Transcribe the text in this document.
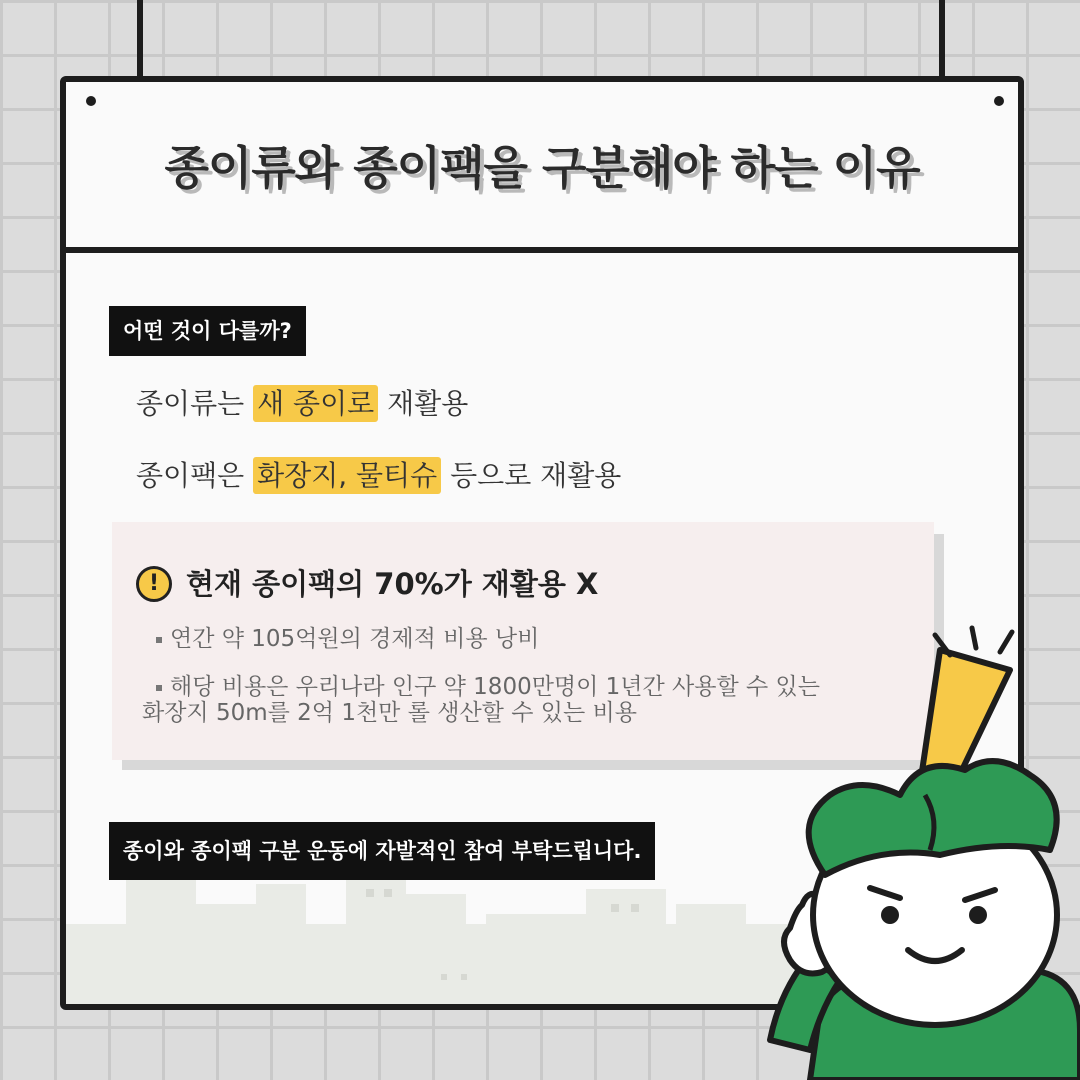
종이류와 종이팩을 구분해야 하는 이유
어떤 것이 다를까?
종이류는 새 종이로 재활용
종이팩은 화장지, 물티슈 등으로 재활용
! 현재 종이팩의 70%가 재활용 X
연간 약 105억원의 경제적 비용 낭비
해당 비용은 우리나라 인구 약 1800만명이 1년간 사용할 수 있는
화장지 50m를 2억 1천만 롤 생산할 수 있는 비용
종이와 종이팩 구분 운동에 자발적인 참여 부탁드립니다.
